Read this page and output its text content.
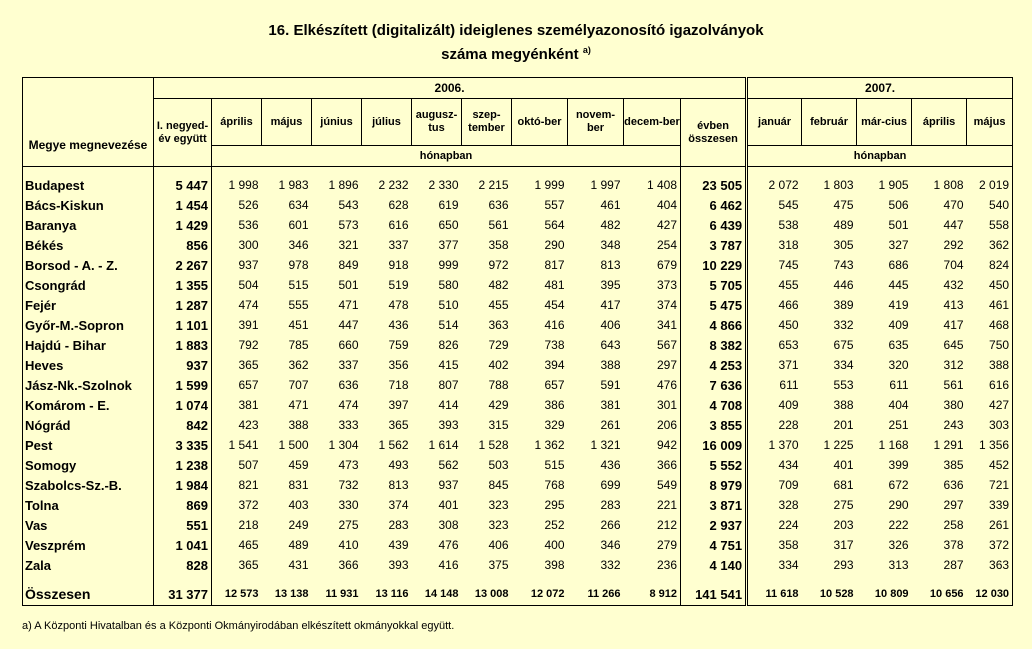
16. Elkészített (digitalizált) ideiglenes személyazonosító igazolványok
száma megyénként $^{a)}$
Megye megnevezése	2006.											2007.				
	I. negyed-év együtt	április	május	június	július	augusz-tus	szep-tember	októ-ber	novem-ber	decem-ber	évben összesen	január	február	már-cius	április	május
		hónapban										hónapban				

Budapest	5 447	1 998	1 983	1 896	2 232	2 330	2 215	1 999	1 997	1 408	23 505	2 072	1 803	1 905	1 808	2 019
Bács-Kiskun	1 454	526	634	543	628	619	636	557	461	404	6 462	545	475	506	470	540
Baranya	1 429	536	601	573	616	650	561	564	482	427	6 439	538	489	501	447	558
Békés	856	300	346	321	337	377	358	290	348	254	3 787	318	305	327	292	362
Borsod - A. - Z.	2 267	937	978	849	918	999	972	817	813	679	10 229	745	743	686	704	824
Csongrád	1 355	504	515	501	519	580	482	481	395	373	5 705	455	446	445	432	450
Fejér	1 287	474	555	471	478	510	455	454	417	374	5 475	466	389	419	413	461
Győr-M.-Sopron	1 101	391	451	447	436	514	363	416	406	341	4 866	450	332	409	417	468
Hajdú - Bihar	1 883	792	785	660	759	826	729	738	643	567	8 382	653	675	635	645	750
Heves	937	365	362	337	356	415	402	394	388	297	4 253	371	334	320	312	388
Jász-Nk.-Szolnok	1 599	657	707	636	718	807	788	657	591	476	7 636	611	553	611	561	616
Komárom - E.	1 074	381	471	474	397	414	429	386	381	301	4 708	409	388	404	380	427
Nógrád	842	423	388	333	365	393	315	329	261	206	3 855	228	201	251	243	303
Pest	3 335	1 541	1 500	1 304	1 562	1 614	1 528	1 362	1 321	942	16 009	1 370	1 225	1 168	1 291	1 356
Somogy	1 238	507	459	473	493	562	503	515	436	366	5 552	434	401	399	385	452
Szabolcs-Sz.-B.	1 984	821	831	732	813	937	845	768	699	549	8 979	709	681	672	636	721
Tolna	869	372	403	330	374	401	323	295	283	221	3 871	328	275	290	297	339
Vas	551	218	249	275	283	308	323	252	266	212	2 937	224	203	222	258	261
Veszprém	1 041	465	489	410	439	476	406	400	346	279	4 751	358	317	326	378	372
Zala	828	365	431	366	393	416	375	398	332	236	4 140	334	293	313	287	363

Összesen	31 377	12 573	13 138	11 931	13 116	14 148	13 008	12 072	11 266	8 912	141 541	11 618	10 528	10 809	10 656	12 030
a) A Központi Hivatalban és a Központi Okmányirodában elkészített okmányokkal együtt.
